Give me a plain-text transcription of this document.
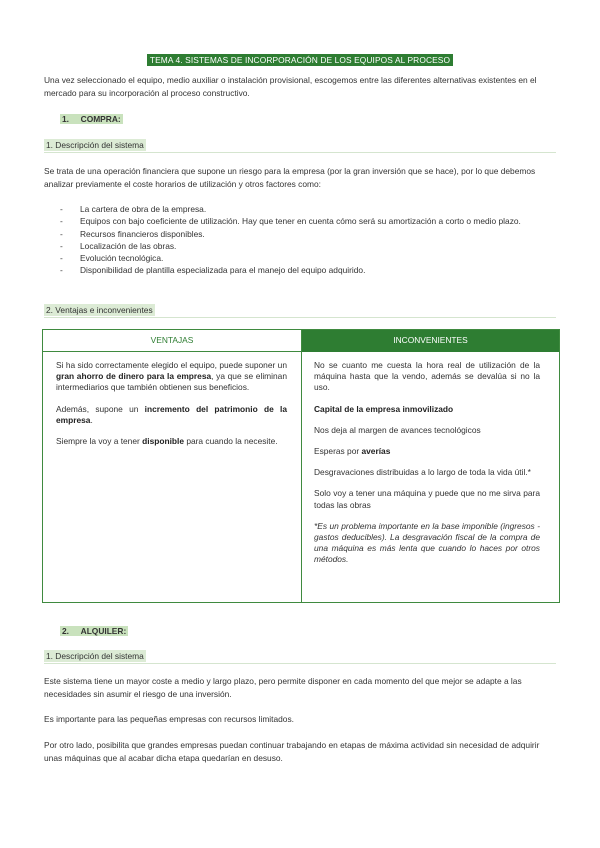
TEMA 4. SISTEMAS DE INCORPORACIÓN DE LOS EQUIPOS AL PROCESO
Una vez seleccionado el equipo, medio auxiliar o instalación provisional, escogemos entre las diferentes alternativas existentes en el mercado para su incorporación al proceso constructivo.
1. COMPRA:
1. Descripción del sistema
Se trata de una operación financiera que supone un riesgo para la empresa (por la gran inversión que se hace), por lo que debemos analizar previamente el coste horarios de utilización y otros factores como:
- La cartera de obra de la empresa.
- Equipos con bajo coeficiente de utilización. Hay que tener en cuenta cómo será su amortización a corto o medio plazo.
- Recursos financieros disponibles.
- Localización de las obras.
- Evolución tecnológica.
- Disponibilidad de plantilla especializada para el manejo del equipo adquirido.
2. Ventajas e inconvenientes
VENTAJAS	INCONVENIENTES

Si ha sido correctamente elegido el equipo, puede suponer un gran ahorro de dinero para la empresa, ya que se eliminan intermediarios que también obtienen sus beneficios.

Además, supone un incremento del patrimonio de la empresa.

Siempre la voy a tener disponible para cuando la necesite.

No se cuanto me cuesta la hora real de utilización de la máquina hasta que la vendo, además se devalúa si no la uso.

Capital de la empresa inmovilizado

Nos deja al margen de avances tecnológicos

Esperas por averías

Desgravaciones distribuidas a lo largo de toda la vida útil.*

Solo voy a tener una máquina y puede que no me sirva para todas las obras

*Es un problema importante en la base imponible (ingresos - gastos deducibles). La desgravación fiscal de la compra de una máquina es más lenta que cuando lo haces por otros métodos.

2. ALQUILER:
1. Descripción del sistema
Este sistema tiene un mayor coste a medio y largo plazo, pero permite disponer en cada momento del que mejor se adapte a las necesidades sin asumir el riesgo de una inversión.
Es importante para las pequeñas empresas con recursos limitados.
Por otro lado, posibilita que grandes empresas puedan continuar trabajando en etapas de máxima actividad sin necesidad de adquirir unas máquinas que al acabar dicha etapa quedarían en desuso.
